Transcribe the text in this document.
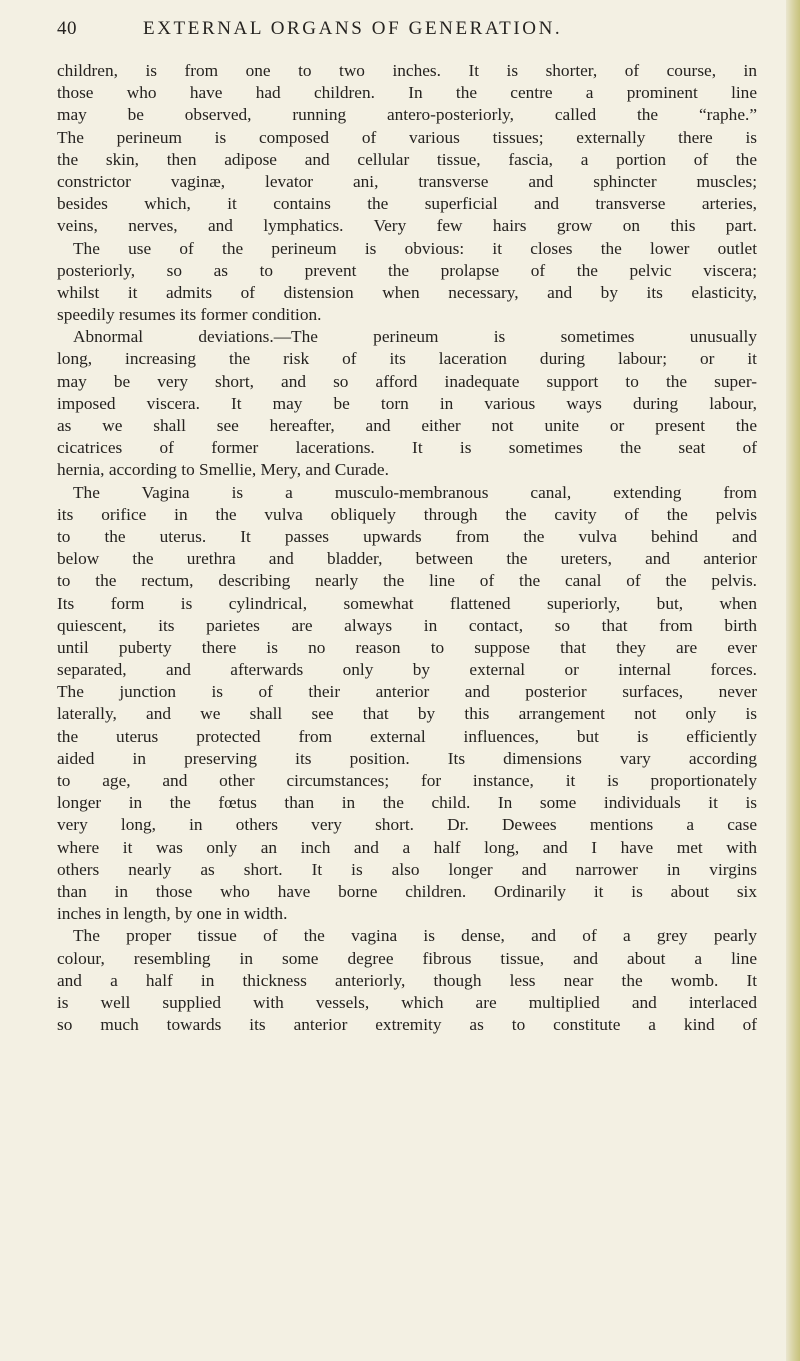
40	EXTERNAL ORGANS OF GENERATION.
children, is from one to two inches. It is shorter, of course, in
those who have had children. In the centre a prominent line
may be observed, running antero-posteriorly, called the “raphe.”
The perineum is composed of various tissues; externally there is
the skin, then adipose and cellular tissue, fascia, a portion of the
constrictor vaginæ, levator ani, transverse and sphincter muscles;
besides which, it contains the superficial and transverse arteries,
veins, nerves, and lymphatics. Very few hairs grow on this part.
The use of the perineum is obvious: it closes the lower outlet
posteriorly, so as to prevent the prolapse of the pelvic viscera;
whilst it admits of distension when necessary, and by its elasticity,
speedily resumes its former condition.
Abnormal deviations.—The perineum is sometimes unusually
long, increasing the risk of its laceration during labour; or it
may be very short, and so afford inadequate support to the super-
imposed viscera. It may be torn in various ways during labour,
as we shall see hereafter, and either not unite or present the
cicatrices of former lacerations. It is sometimes the seat of
hernia, according to Smellie, Mery, and Curade.
The Vagina is a musculo-membranous canal, extending from
its orifice in the vulva obliquely through the cavity of the pelvis
to the uterus. It passes upwards from the vulva behind and
below the urethra and bladder, between the ureters, and anterior
to the rectum, describing nearly the line of the canal of the pelvis.
Its form is cylindrical, somewhat flattened superiorly, but, when
quiescent, its parietes are always in contact, so that from birth
until puberty there is no reason to suppose that they are ever
separated, and afterwards only by external or internal forces.
The junction is of their anterior and posterior surfaces, never
laterally, and we shall see that by this arrangement not only is
the uterus protected from external influences, but is efficiently
aided in preserving its position. Its dimensions vary according
to age, and other circumstances; for instance, it is proportionately
longer in the fœtus than in the child. In some individuals it is
very long, in others very short. Dr. Dewees mentions a case
where it was only an inch and a half long, and I have met with
others nearly as short. It is also longer and narrower in virgins
than in those who have borne children. Ordinarily it is about six
inches in length, by one in width.
The proper tissue of the vagina is dense, and of a grey pearly
colour, resembling in some degree fibrous tissue, and about a line
and a half in thickness anteriorly, though less near the womb. It
is well supplied with vessels, which are multiplied and interlaced
so much towards its anterior extremity as to constitute a kind of
